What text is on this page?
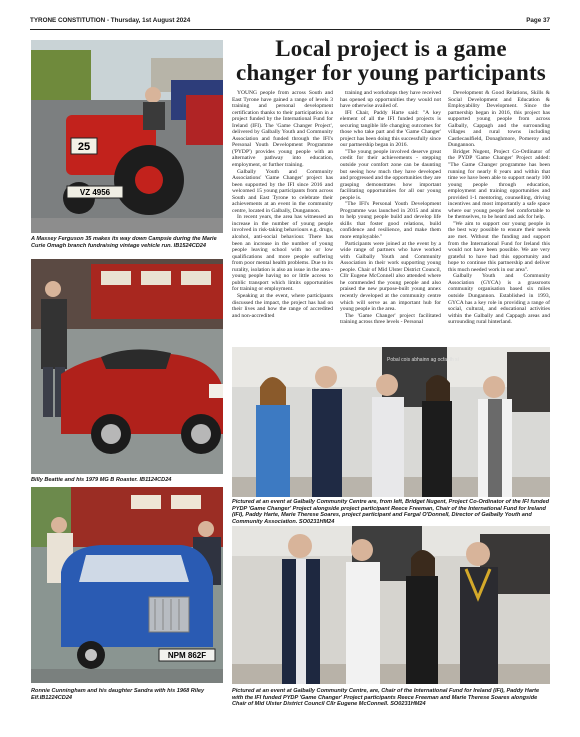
TYRONE CONSTITUTION - Thursday, 1st August 2024	Page 37
Local project is a game changer for young participants
25
VZ 4956
A Massey Ferguson 35 makes its way down Campsie during the Marie Curie Omagh branch fundraising vintage vehicle run. IB1524CD24
Billy Beattie and his 1979 MG B Roaster. IB1124CD24
NPM 862F
Ronnie Cunningham and his daughter Sandra with his 1968 Riley Elf.IB1224CD24

YOUNG people from across South and East Tyrone have gained a range of levels 3 training and personal development certification thanks to their participation in a project funded by the International Fund for Ireland (IFI). The 'Game Changer Project', delivered by Galbally Youth and Community Association and funded through the IFI's Personal Youth Development Programme ('PYDP') provides young people with an alternative pathway into education, employment, or further training.

Galbally Youth and Community Associations' 'Game Changer' project has been supported by the IFI since 2016 and welcomed 15 young participants from across South and East Tyrone to celebrate their achievements at an event in the community centre, located in Galbally, Dungannon.

In recent years, the area has witnessed an increase in the number of young people involved in risk-taking behaviours e.g. drugs, alcohol, anti-social behaviour. There has been an increase in the number of young people leaving school with no or low qualifications and more people suffering from poor mental health problems. Due to its rurality, isolation is also an issue in the area - young people having no or little access to public transport which limits opportunities for training or employment.

Speaking at the event, where participants discussed the impact, the project has had on their lives and how the range of accredited and non-accredited

training and workshops they have received has opened up opportunities they would not have otherwise availed of.

IFI Chair, Paddy Harte said: "A key element of all the IFI funded projects is securing tangible life changing outcomes for those who take part and the 'Game Changer' project has been doing this successfully since our partnership began in 2016.

"The young people involved deserve great credit for their achievements - stepping outside your comfort zone can be daunting but seeing how much they have developed and progressed and the opportunities they are grasping demonstrates how important facilitating opportunities for all our young people is.

"The IFI's Personal Youth Development Programme was launched in 2015 and aims to help young people build and develop life skills that foster good relations, build confidence and resilience, and make them more employable."

Participants were joined at the event by a wide range of partners who have worked with Galbally Youth and Community Association in their work supporting young people. Chair of Mid Ulster District Council, Cllr Eugene McConnell also attended where he commended the young people and also praised the new purpose-built young annex recently developed at the community centre which will serve as an important hub for young people in the area.

The 'Game Changer' project facilitated training across three levels - Personal

Development & Good Relations, Skills & Social Development and Education & Employability Development. Since the partnership began in 2016, this project has supported young people from across Galbally, Cappagh and the surrounding villages and rural towns including Castlecaulfield, Donaghmore, Pomeroy and Dungannon.

Bridget Nugent, Project Co-Ordinator of the PYDP 'Game Changer' Project added: "The Game Changer programme has been running for nearly 8 years and within that time we have been able to support nearly 100 young people through education, employment and training opportunities and provided 1-1 mentoring, counselling, driving incentives and most importantly a safe space where our young people feel comfortable to be themselves, to be heard and ask for help.

"We aim to support our young people in the best way possible to ensure their needs are met. Without the funding and support from the International Fund for Ireland this would not have been possible. We are very grateful to have had this opportunity and hope to continue this partnership and deliver this much needed work in our area".

Galbally Youth and Community Association (GYCA) is a grassroots community organisation based six miles outside Dungannon. Established in 1993, GYCA has a key role in providing a range of social, cultural, and educational activities within the Galbally and Cappagh areas and surrounding rural hinterland.

Pobal cois abhainn ag ocfaidh sí
Pictured at an event at Galbally Community Centre are, from left, Bridget Nugent, Project Co-Ordinator of the IFI funded PYDP 'Game Changer' Project alongside project participant Reece Freeman, Chair of the International Fund for Ireland (IFI), Paddy Harte, Marie Therese Soares, project participant and Fergal O'Donnell, Director of Galbally Youth and Community Association. SO0231HM24
Pictured at an event at Galbally Community Centre, are, Chair of the International Fund for Ireland (IFI), Paddy Harte with the IFI funded PYDP 'Game Changer' Project participants Reece Freeman and Marie Therese Soares alongside Chair of Mid Ulster District Council Cllr Eugene McConnell. SO0231HM24
